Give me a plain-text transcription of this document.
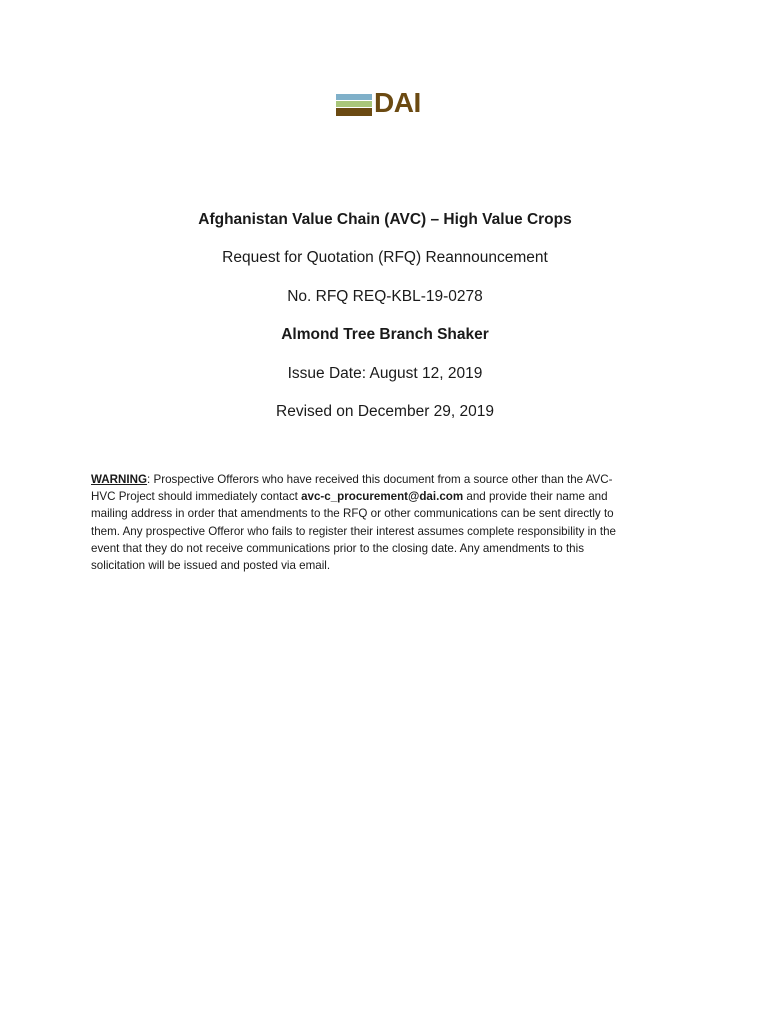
DAI
Afghanistan Value Chain (AVC) – High Value Crops
Request for Quotation (RFQ) Reannouncement
No. RFQ REQ-KBL-19-0278
Almond Tree Branch Shaker
Issue Date: August 12, 2019
Revised on December 29, 2019
WARNING: Prospective Offerors who have received this document from a source other than the AVC-
HVC Project should immediately contact avc-c_procurement@dai.com and provide their name and
mailing address in order that amendments to the RFQ or other communications can be sent directly to
them. Any prospective Offeror who fails to register their interest assumes complete responsibility in the
event that they do not receive communications prior to the closing date. Any amendments to this
solicitation will be issued and posted via email.
